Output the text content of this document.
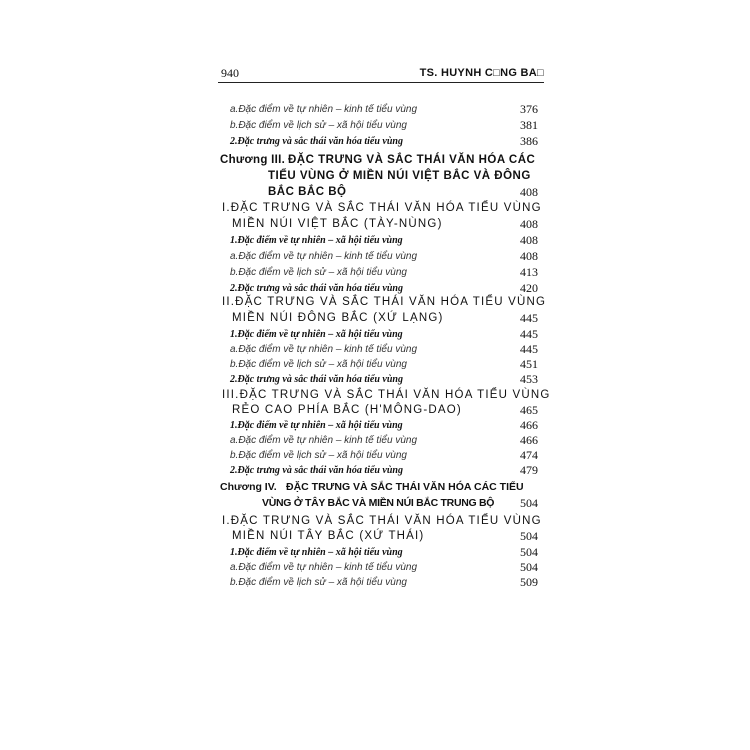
940	TS. HUYNH C□NG BA□
a.Đặc điểm về tự nhiên – kinh tế tiểu vùng	376
b.Đặc điểm về lịch sử – xã hội tiểu vùng	381
2.Đặc trưng và sắc thái văn hóa tiểu vùng	386
Chương III. ĐẶC TRƯNG VÀ SẮC THÁI VĂN HÓA CÁC
TIỂU VÙNG Ở MIỀN NÚI VIỆT BẮC VÀ ĐÔNG
BẮC BẮC BỘ	408
I.ĐẶC TRƯNG VÀ SẮC THÁI VĂN HÓA TIỂU VÙNG
MIỀN NÚI VIỆT BẮC (TÀY-NÙNG)	408
1.Đặc điểm về tự nhiên – xã hội tiểu vùng	408
a.Đặc điểm về tự nhiên – kinh tế tiểu vùng	408
b.Đặc điểm về lịch sử – xã hội tiểu vùng	413
2.Đặc trưng và sắc thái văn hóa tiểu vùng	420
II.ĐẶC TRƯNG VÀ SẮC THÁI VĂN HÓA TIỂU VÙNG
MIỀN NÚI ĐÔNG BẮC (XỨ LẠNG)	445
1.Đặc điểm về tự nhiên – xã hội tiểu vùng	445
a.Đặc điểm về tự nhiên – kinh tế tiểu vùng	445
b.Đặc điểm về lịch sử – xã hội tiểu vùng	451
2.Đặc trưng và sắc thái văn hóa tiểu vùng	453
III.ĐẶC TRƯNG VÀ SẮC THÁI VĂN HÓA TIỂU VÙNG
RẺO CAO PHÍA BẮC (H'MÔNG-DAO)	465
1.Đặc điểm về tự nhiên – xã hội tiểu vùng	466
a.Đặc điểm về tự nhiên – kinh tế tiểu vùng	466
b.Đặc điểm về lịch sử – xã hội tiểu vùng	474
2.Đặc trưng và sắc thái văn hóa tiểu vùng	479
Chương IV. ĐẶC TRƯNG VÀ SẮC THÁI VĂN HÓA CÁC TIỂU
VÙNG Ở TÂY BẮC VÀ MIỀN NÚI BẮC TRUNG BỘ 504
I.ĐẶC TRƯNG VÀ SẮC THÁI VĂN HÓA TIỂU VÙNG
MIỀN NÚI TÂY BẮC (XỨ THÁI)	504
1.Đặc điểm về tự nhiên – xã hội tiểu vùng	504
a.Đặc điểm về tự nhiên – kinh tế tiểu vùng	504
b.Đặc điểm về lịch sử – xã hội tiểu vùng	509
